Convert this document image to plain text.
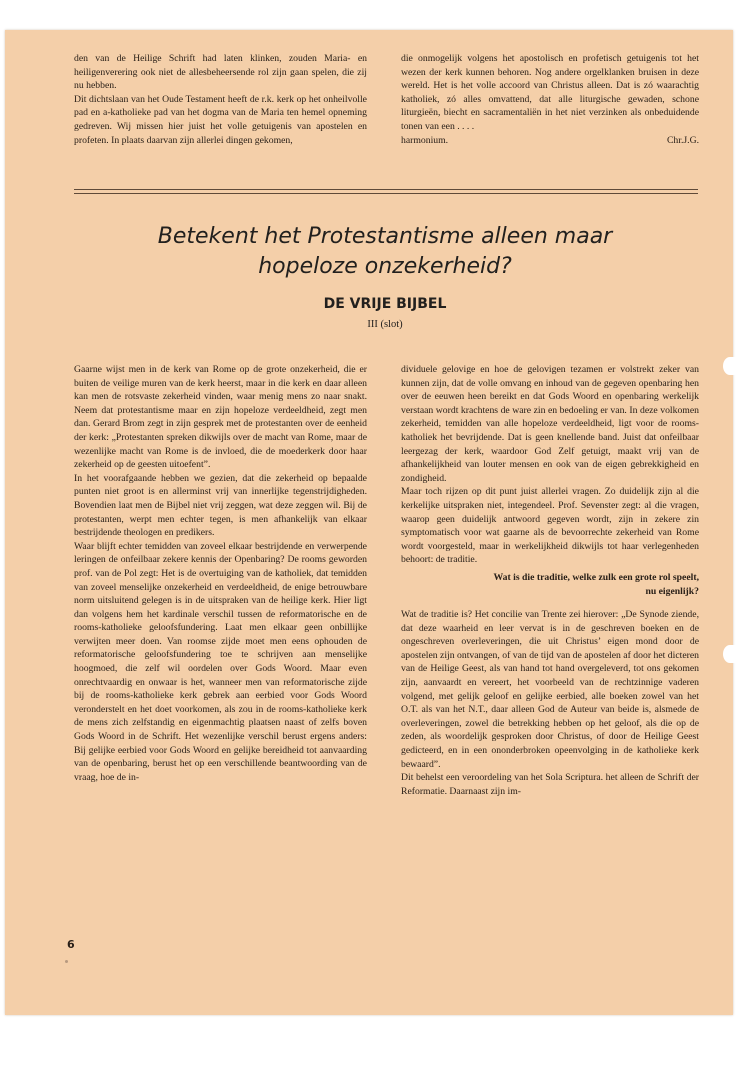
den van de Heilige Schrift had laten klinken, zouden Maria- en heiligenverering ook niet de allesbeheersende rol zijn gaan spelen, die zij nu hebben.

Dit dichtslaan van het Oude Testament heeft de r.k. kerk op het onheilvolle pad en a-katholieke pad van het dogma van de Maria ten hemel opneming gedreven. Wij missen hier juist het volle getuigenis van apostelen en profeten. In plaats daarvan zijn allerlei dingen gekomen,

die onmogelijk volgens het apostolisch en profetisch getuigenis tot het wezen der kerk kunnen behoren. Nog andere orgelklanken bruisen in deze wereld. Het is het volle accoord van Christus alleen. Dat is zó waarachtig katholiek, zó alles omvattend, dat alle liturgische gewaden, schone liturgieën, biecht en sacramentaliën in het niet verzinken als onbeduidende tonen van een . . . .

harmonium.	Chr.J.G.

Betekent het Protestantisme alleen maar
hopeloze onzekerheid?
DE VRIJE BIJBEL
III (slot)

Gaarne wijst men in de kerk van Rome op de grote onzekerheid, die er buiten de veilige muren van de kerk heerst, maar in die kerk en daar alleen kan men de rotsvaste zekerheid vinden, waar menig mens zo naar snakt. Neem dat protestantisme maar en zijn hopeloze verdeeldheid, zegt men dan. Gerard Brom zegt in zijn gesprek met de protestanten over de eenheid der kerk: „Protestanten spreken dikwijls over de macht van Rome, maar de wezenlijke macht van Rome is de invloed, die de moederkerk door haar zekerheid op de geesten uitoefent”.

In het voorafgaande hebben we gezien, dat die zekerheid op bepaalde punten niet groot is en allerminst vrij van innerlijke tegenstrijdigheden. Bovendien laat men de Bijbel niet vrij zeggen, wat deze zeggen wil. Bij de protestanten, werpt men echter tegen, is men afhankelijk van elkaar bestrijdende theologen en predikers.

Waar blijft echter temidden van zoveel elkaar bestrijdende en verwerpende leringen de onfeilbaar zekere kennis der Openbaring? De rooms geworden prof. van de Pol zegt: Het is de overtuiging van de katholiek, dat temidden van zoveel menselijke onzekerheid en verdeeldheid, de enige betrouwbare norm uitsluitend gelegen is in de uitspraken van de heilige kerk. Hier ligt dan volgens hem het kardinale verschil tussen de reformatorische en de rooms-katholieke geloofsfundering. Laat men elkaar geen onbillijke verwijten meer doen. Van roomse zijde moet men eens ophouden de reformatorische geloofsfundering toe te schrijven aan menselijke hoogmoed, die zelf wil oordelen over Gods Woord. Maar even onrechtvaardig en onwaar is het, wanneer men van reformatorische zijde bij de rooms-katholieke kerk gebrek aan eerbied voor Gods Woord veronderstelt en het doet voorkomen, als zou in de rooms-katholieke kerk de mens zich zelfstandig en eigenmachtig plaatsen naast of zelfs boven Gods Woord in de Schrift. Het wezenlijke verschil berust ergens anders: Bij gelijke eerbied voor Gods Woord en gelijke bereidheid tot aanvaarding van de openbaring, berust het op een verschillende beantwoording van de vraag, hoe de in-

dividuele gelovige en hoe de gelovigen tezamen er volstrekt zeker van kunnen zijn, dat de volle omvang en inhoud van de gegeven openbaring hen over de eeuwen heen bereikt en dat Gods Woord en openbaring werkelijk verstaan wordt krachtens de ware zin en bedoeling er van. In deze volkomen zekerheid, temidden van alle hopeloze verdeeldheid, ligt voor de rooms-katholiek het bevrijdende. Dat is geen knellende band. Juist dat onfeilbaar leergezag der kerk, waardoor God Zelf getuigt, maakt vrij van de afhankelijkheid van louter mensen en ook van de eigen gebrekkigheid en zondigheid.

Maar toch rijzen op dit punt juist allerlei vragen. Zo duidelijk zijn al die kerkelijke uitspraken niet, integendeel. Prof. Sevenster zegt: al die vragen, waarop geen duidelijk antwoord gegeven wordt, zijn in zekere zin symptomatisch voor wat gaarne als de bevoorrechte zekerheid van Rome wordt voorgesteld, maar in werkelijkheid dikwijls tot haar verlegenheden behoort: de traditie.

Wat is die traditie, welke zulk een grote rol speelt, nu eigenlijk?

Wat de traditie is? Het concilie van Trente zei hierover: „De Synode ziende, dat deze waarheid en leer vervat is in de geschreven boeken en de ongeschreven overleveringen, die uit Christus’ eigen mond door de apostelen zijn ontvangen, of van de tijd van de apostelen af door het dicteren van de Heilige Geest, als van hand tot hand overgeleverd, tot ons gekomen zijn, aanvaardt en vereert, het voorbeeld van de rechtzinnige vaderen volgend, met gelijk geloof en gelijke eerbied, alle boeken zowel van het O.T. als van het N.T., daar alleen God de Auteur van beide is, alsmede de overleveringen, zowel die betrekking hebben op het geloof, als die op de zeden, als woordelijk gesproken door Christus, of door de Heilige Geest gedicteerd, en in een ononderbroken opeenvolging in de katholieke kerk bewaard”.

Dit behelst een veroordeling van het Sola Scriptura. het alleen de Schrift der Reformatie. Daarnaast zijn im-

6
